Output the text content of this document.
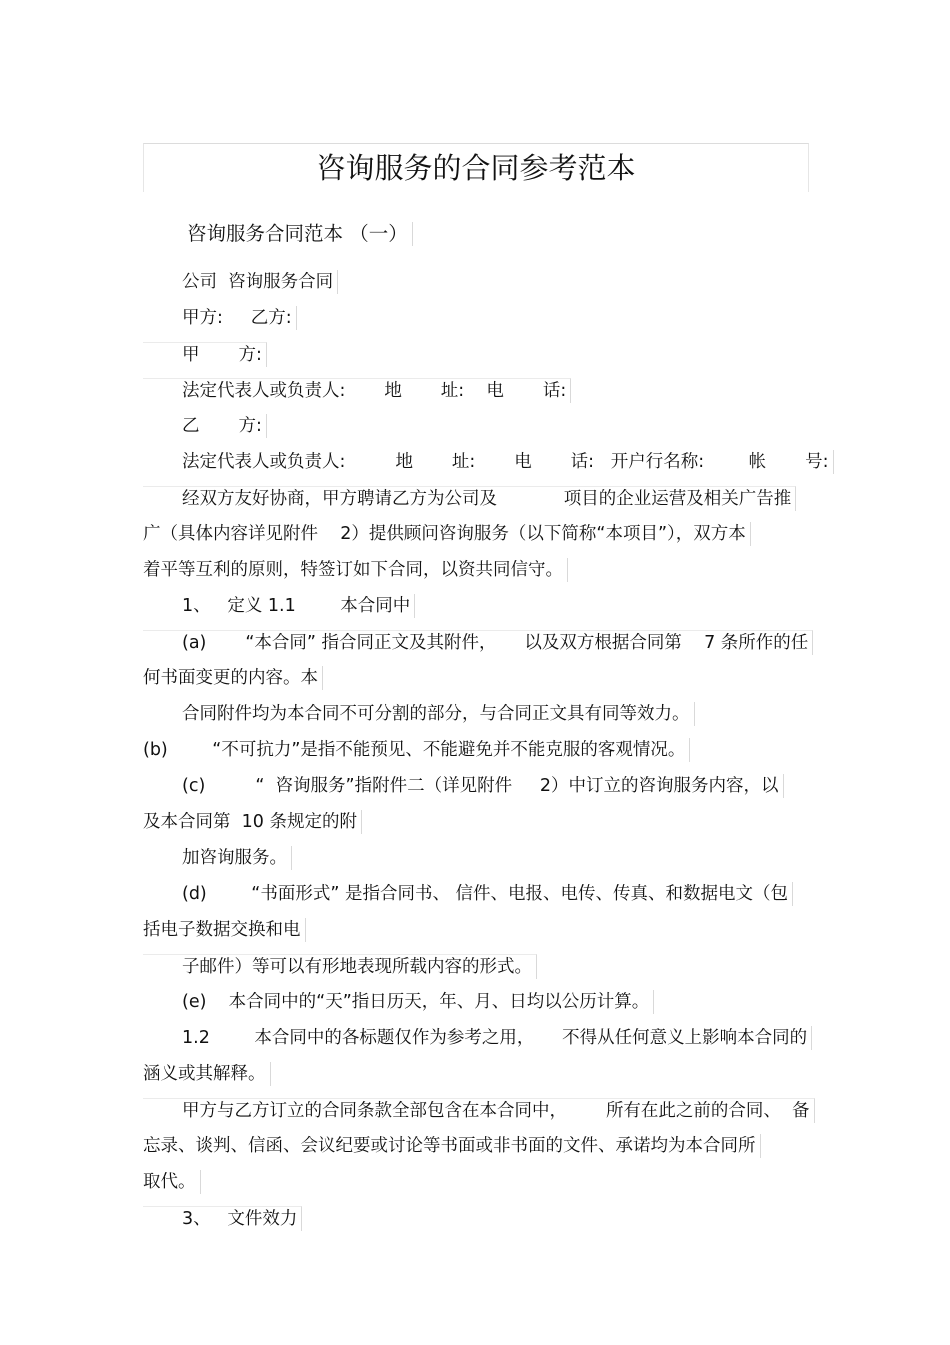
咨询服务的合同参考范本
咨询服务合同范本 （一）
公司  咨询服务合同
甲方:     乙方:
甲       方:
法定代表人或负责人:       地       址:    电       话:
乙       方:
法定代表人或负责人:         地       址:       电       话:   开户行名称:        帐       号:
经双方友好协商，甲方聘请乙方为公司及            项目的企业运营及相关广告推
广（具体内容详见附件    2）提供顾问咨询服务（以下简称“本项目”），双方本
着平等互利的原则，特签订如下合同，以资共同信守。
1、   定义 1.1        本合同中
(a)       “本合同” 指合同正文及其附件，     以及双方根据合同第    7 条所作的任
何书面变更的内容。本
合同附件均为本合同不可分割的部分，与合同正文具有同等效力。
(b)        “不可抗力”是指不能预见、不能避免并不能克服的客观情况。
(c)         “  咨询服务”指附件二（详见附件     2）中订立的咨询服务内容，以
及本合同第  10 条规定的附
加咨询服务。
(d)        “书面形式” 是指合同书、 信件、电报、电传、传真、和数据电文（包
括电子数据交换和电
子邮件）等可以有形地表现所载内容的形式。
(e)    本合同中的“天”指日历天，年、月、日均以公历计算。
1.2        本合同中的各标题仅作为参考之用，     不得从任何意义上影响本合同的
涵义或其解释。
甲方与乙方订立的合同条款全部包含在本合同中，       所有在此之前的合同、  备
忘录、谈判、信函、会议纪要或讨论等书面或非书面的文件、承诺均为本合同所
取代。
3、   文件效力
